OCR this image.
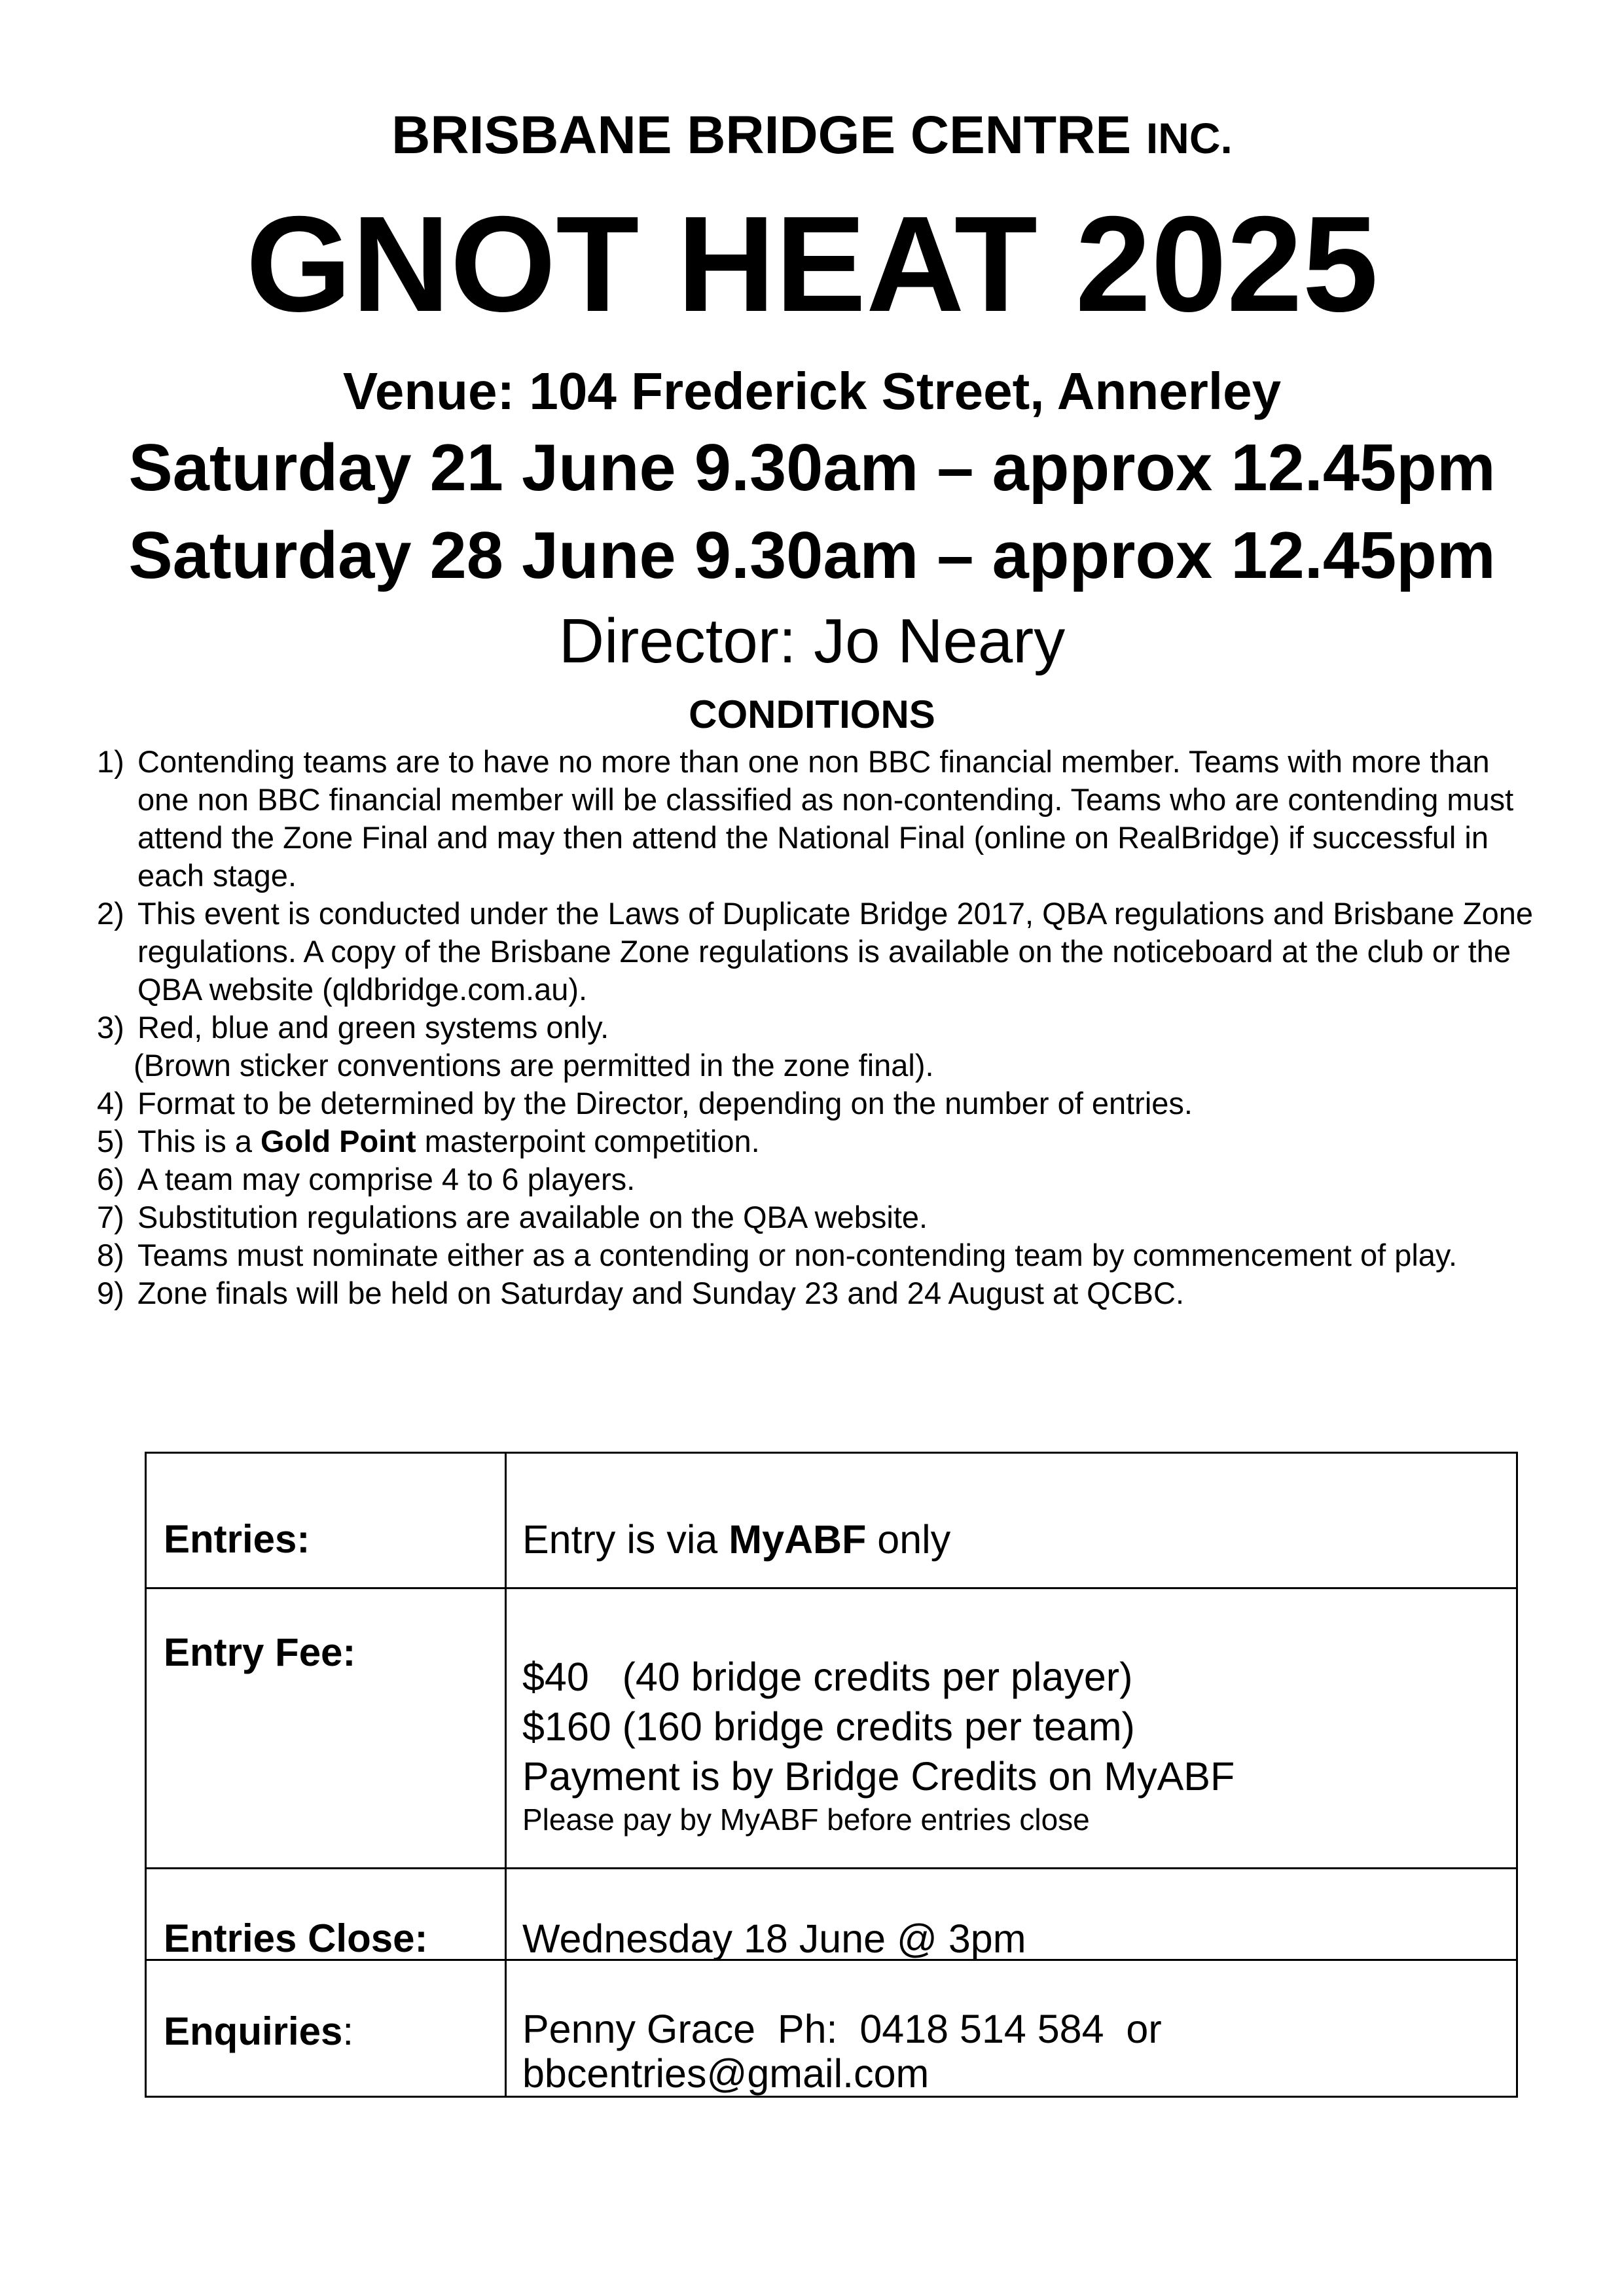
BRISBANE BRIDGE CENTRE INC.
GNOT HEAT 2025
Venue: 104 Frederick Street, Annerley
Saturday 21 June 9.30am – approx 12.45pm
Saturday 28 June 9.30am – approx 12.45pm
Director: Jo Neary
CONDITIONS
1) Contending teams are to have no more than one non BBC financial member. Teams with more than one non BBC financial member will be classified as non-contending. Teams who are contending must attend the Zone Final and may then attend the National Final (online on RealBridge) if successful in each stage.
2) This event is conducted under the Laws of Duplicate Bridge 2017, QBA regulations and Brisbane Zone regulations. A copy of the Brisbane Zone regulations is available on the noticeboard at the club or the QBA website (qldbridge.com.au).
3) Red, blue and green systems only.
(Brown sticker conventions are permitted in the zone final).
4) Format to be determined by the Director, depending on the number of entries.
5) This is a Gold Point masterpoint competition.
6) A team may comprise 4 to 6 players.
7) Substitution regulations are available on the QBA website.
8) Teams must nominate either as a contending or non-contending team by commencement of play.
9) Zone finals will be held on Saturday and Sunday 23 and 24 August at QCBC.
Entries:	Entry is via MyABF only
Entry Fee:	$40   (40 bridge credits per player)
$160 (160 bridge credits per team)
Payment is by Bridge Credits on MyABF
Please pay by MyABF before entries close

Entries Close:	Wednesday 18 June @ 3pm
Enquiries:	Penny Grace  Ph:  0418 514 584  or
bbcentries@gmail.com
